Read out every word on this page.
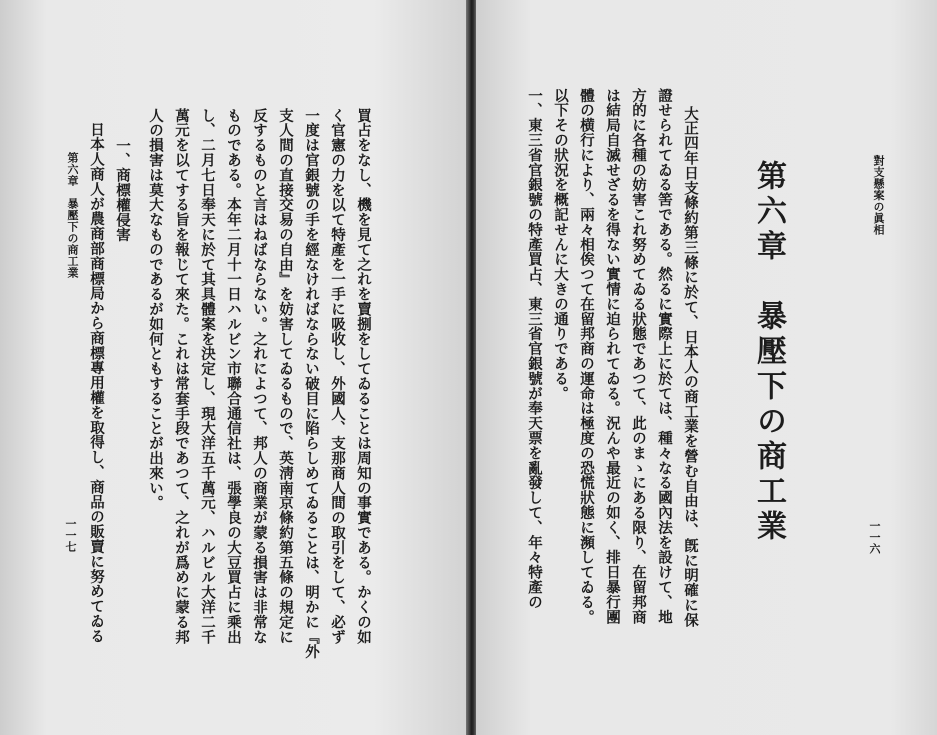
第六章　暴壓下の商工業
一一七 日本人商人が農商部商標局から商標專用權を取得し、商品の販賣に努めてゐる 一、商標權侵害 人の損害は莫大なものであるが如何ともすることが出來い。 萬元を以てする旨を報じて來た。これは常套手段であつて、之れが爲めに蒙る邦 し、二月七日奉天に於て其具體案を決定し、現大洋五千萬元、ハルビル大洋二千 ものである。本年二月十一日ハルビン市聯合通信社は、張學良の大豆買占に乘出 反するものと言はねばならない。之れによつて、邦人の商業が蒙る損害は非常な 支人間の直接交易の自由』を妨害してゐるもので、英淸南京條約第五條の規定に 一度は官銀號の手を經なければならない破目に陷らしめてゐることは、明かに『外 く官憲の力を以て特產を一手に吸收し、外國人、支那商人間の取引をして、必ず 買占をなし、機を見て之れを賣捌をしてゐることは周知の事實である。かくの如	一、東三省官銀號の特產買占、東三省官銀號が奉天票を亂發して、年々特產の 以下その狀況を概記せんに大きの通りである。 體の横行により、兩々相俟つて在留邦商の運命は極度の恐慌狀態に瀕してゐる。 は結局自滅せざるを得ない實情に迫られてゐる。況んや最近の如く、排日暴行團 方的に各種の妨害これ努めてゐる狀態であつて、此のまゝにある限り、在留邦商 證せられてゐる筈である。然るに實際上に於ては、種々なる國內法を設けて、地 大正四年日支條約第三條に於て、日本人の商工業を營む自由は、旣に明確に保 第六章　暴壓下の商工業	一一六
對支懸案の眞相
